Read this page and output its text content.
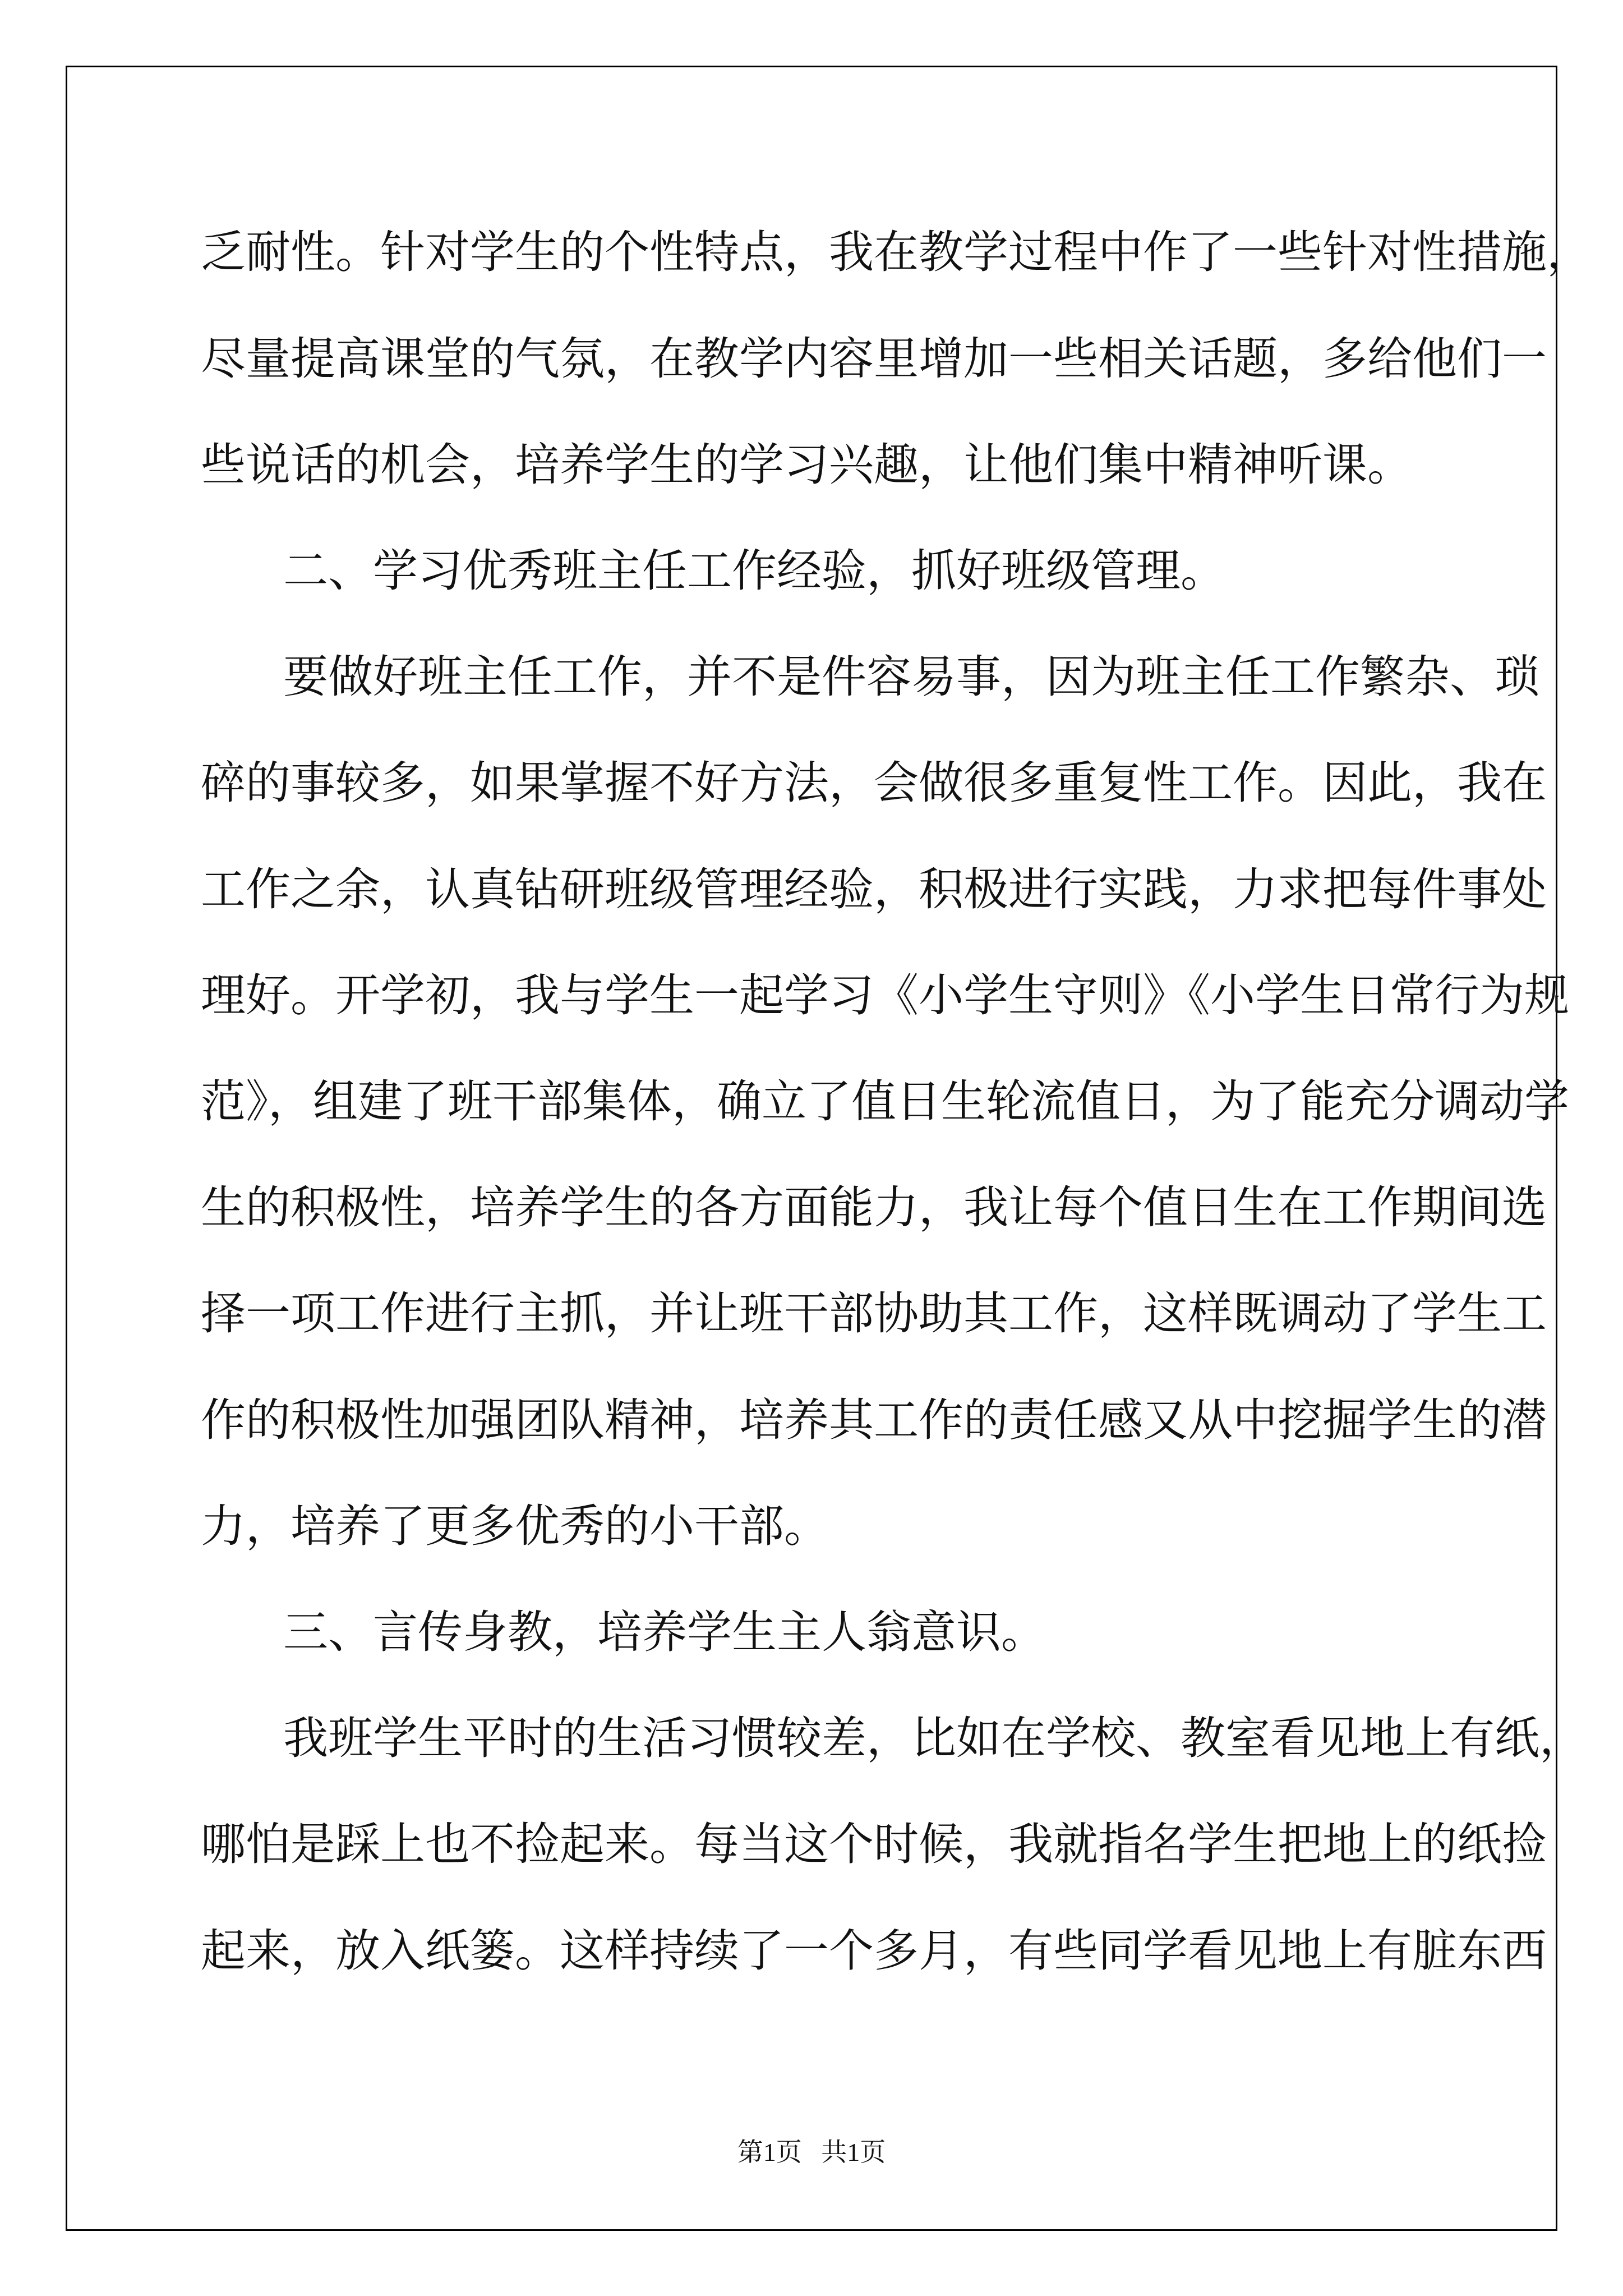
乏耐性。针对学生的个性特点，我在教学过程中作了一些针对性措施，
尽量提高课堂的气氛，在教学内容里增加一些相关话题，多给他们一
些说话的机会，培养学生的学习兴趣，让他们集中精神听课。
二、学习优秀班主任工作经验，抓好班级管理。
要做好班主任工作，并不是件容易事，因为班主任工作繁杂、琐
碎的事较多，如果掌握不好方法，会做很多重复性工作。因此，我在
工作之余，认真钻研班级管理经验，积极进行实践，力求把每件事处
理好。开学初，我与学生一起学习《小学生守则》《小学生日常行为规
范》，组建了班干部集体，确立了值日生轮流值日，为了能充分调动学
生的积极性，培养学生的各方面能力，我让每个值日生在工作期间选
择一项工作进行主抓，并让班干部协助其工作，这样既调动了学生工
作的积极性加强团队精神，培养其工作的责任感又从中挖掘学生的潜
力，培养了更多优秀的小干部。
三、言传身教，培养学生主人翁意识。
我班学生平时的生活习惯较差，比如在学校、教室看见地上有纸，
哪怕是踩上也不捡起来。每当这个时候，我就指名学生把地上的纸捡
起来，放入纸篓。这样持续了一个多月，有些同学看见地上有脏东西
第1页   共1页
